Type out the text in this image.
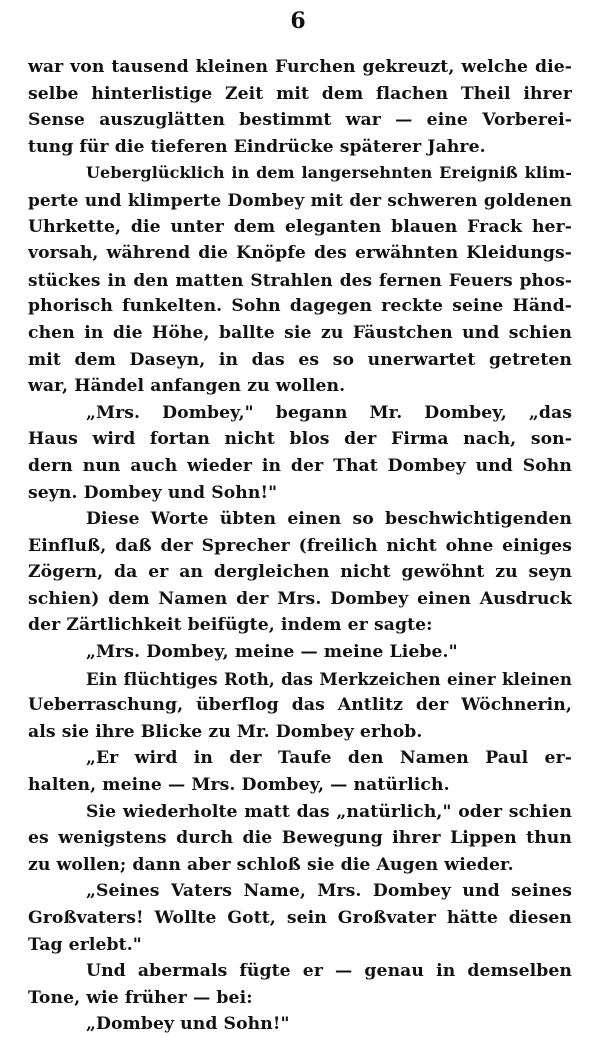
6
war von tausend kleinen Furchen gekreuzt, welche die-
selbe hinterlistige Zeit mit dem flachen Theil ihrer
Sense auszuglätten bestimmt war — eine Vorberei-
tung für die tieferen Eindrücke späterer Jahre.
Ueberglücklich in dem langersehnten Ereigniß klim-
perte und klimperte Dombey mit der schweren goldenen
Uhrkette, die unter dem eleganten blauen Frack her-
vorsah, während die Knöpfe des erwähnten Kleidungs-
stückes in den matten Strahlen des fernen Feuers phos-
phorisch funkelten. Sohn dagegen reckte seine Händ-
chen in die Höhe, ballte sie zu Fäustchen und schien
mit dem Daseyn, in das es so unerwartet getreten
war, Händel anfangen zu wollen.
„Mrs. Dombey," begann Mr. Dombey, „das
Haus wird fortan nicht blos der Firma nach, son-
dern nun auch wieder in der That Dombey und Sohn
seyn. Dombey und Sohn!"
Diese Worte übten einen so beschwichtigenden
Einfluß, daß der Sprecher (freilich nicht ohne einiges
Zögern, da er an dergleichen nicht gewöhnt zu seyn
schien) dem Namen der Mrs. Dombey einen Ausdruck
der Zärtlichkeit beifügte, indem er sagte:
„Mrs. Dombey, meine — meine Liebe."
Ein flüchtiges Roth, das Merkzeichen einer kleinen
Ueberraschung, überflog das Antlitz der Wöchnerin,
als sie ihre Blicke zu Mr. Dombey erhob.
„Er wird in der Taufe den Namen Paul er-
halten, meine — Mrs. Dombey, — natürlich.
Sie wiederholte matt das „natürlich," oder schien
es wenigstens durch die Bewegung ihrer Lippen thun
zu wollen; dann aber schloß sie die Augen wieder.
„Seines Vaters Name, Mrs. Dombey und seines
Großvaters! Wollte Gott, sein Großvater hätte diesen
Tag erlebt."
Und abermals fügte er — genau in demselben
Tone, wie früher — bei:
„Dombey und Sohn!"
